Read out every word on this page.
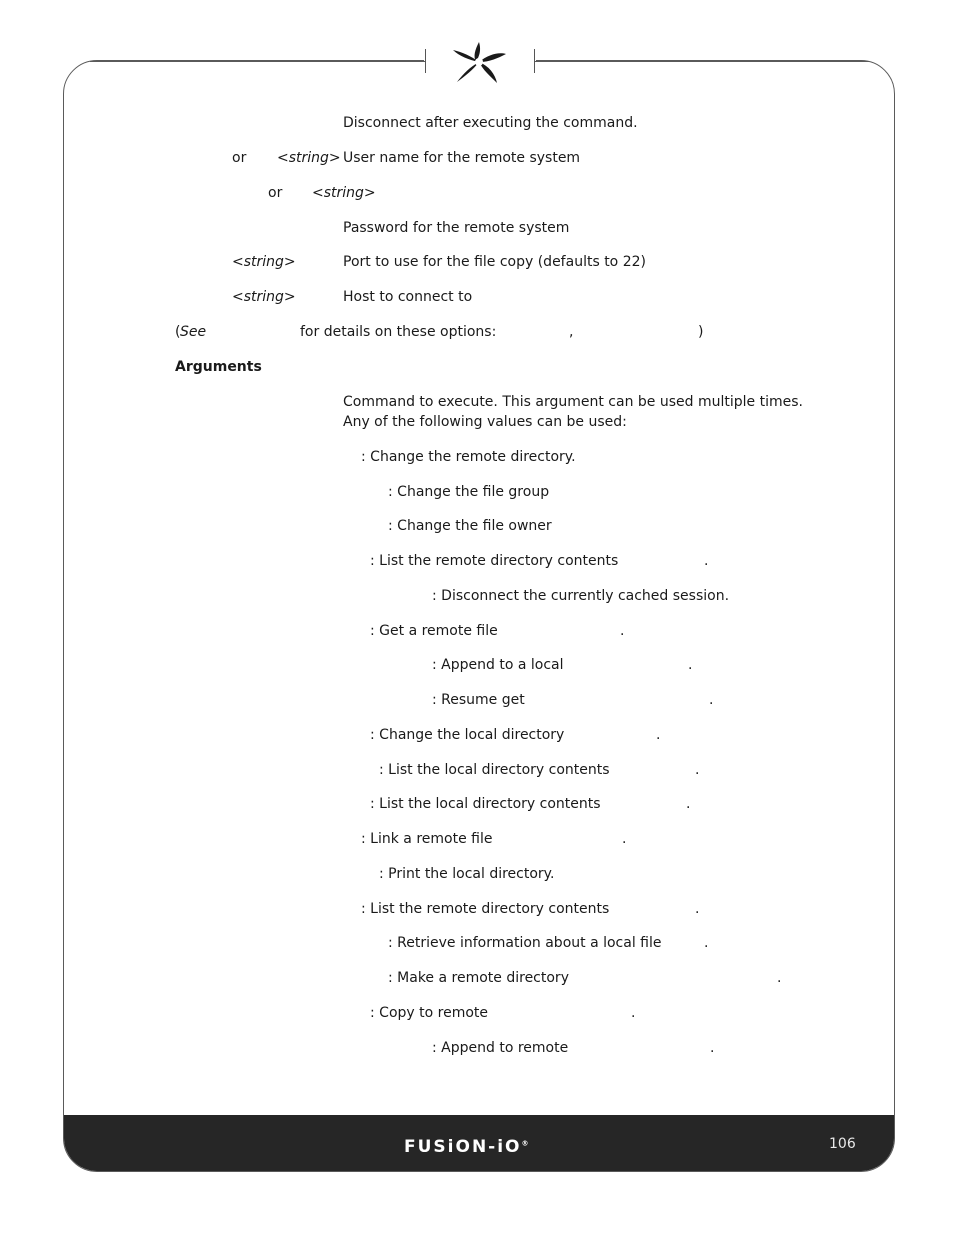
Disconnect after executing the command.
or <string> User name for the remote system
or <string>
Password for the remote system
<string>	Port to use for the file copy (defaults to 22)
<string>	Host to connect to
( See	for details on these options:	,	)
Arguments
Command to execute. This argument can be used multiple times.
Any of the following values can be used:
: Change the remote directory.
: Change the file group
: Change the file owner
: List the remote directory contents	.
: Disconnect the currently cached session.
: Get a remote file	.
: Append to a local	.
: Resume get	.
: Change the local directory	.
: List the local directory contents	.
: List the local directory contents	.
: Link a remote file	.
: Print the local directory.
: List the remote directory contents	.
: Retrieve information about a local file	.
: Make a remote directory	.
: Copy to remote	.
: Append to remote	.
FUSiON-iO®	106
